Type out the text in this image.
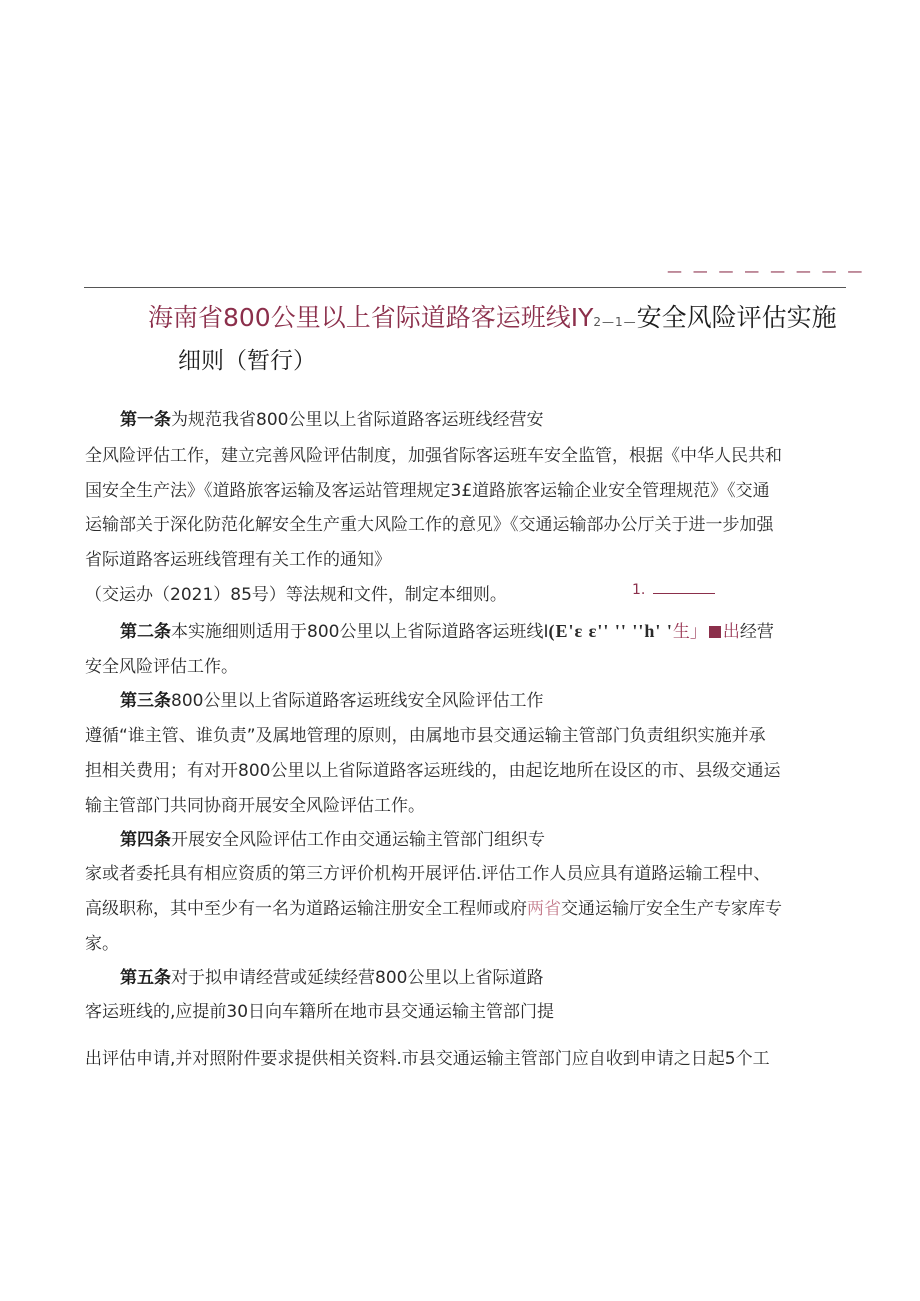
— — — — — — — —
海南省800公里以上省际道路客运班线IY2—1—安全风险评估实施
细则（暂行）
第一条为规范我省800公里以上省际道路客运班线经营安
全风险评估工作，建立完善风险评估制度，加强省际客运班车安全监管，根据《中华人民共和
国安全生产法》《道路旅客运输及客运站管理规定3£道路旅客运输企业安全管理规范》《交通
运输部关于深化防范化解安全生产重大风险工作的意见》《交通运输部办公厅关于进一步加强
省际道路客运班线管理有关工作的通知》
（交运办（2021）85号）等法规和文件，制定本细则。	1.
第二条本实施细则适用于800公里以上省际道路客运班线I(E'ɛ ɛ'' '' ''h' '生」 出经营
安全风险评估工作。
第三条800公里以上省际道路客运班线安全风险评估工作
遵循“谁主管、谁负责”及属地管理的原则，由属地市县交通运输主管部门负责组织实施并承
担相关费用；有对开800公里以上省际道路客运班线的，由起讫地所在设区的市、县级交通运
输主管部门共同协商开展安全风险评估工作。
第四条开展安全风险评估工作由交通运输主管部门组织专
家或者委托具有相应资质的第三方评价机构开展评估.评估工作人员应具有道路运输工程中、
高级职称，其中至少有一名为道路运输注册安全工程师或府两省交通运输厅安全生产专家库专
家。
第五条对于拟申请经营或延续经营800公里以上省际道路
客运班线的,应提前30日向车籍所在地市县交通运输主管部门提
出评估申请,并对照附件要求提供相关资料.市县交通运输主管部门应自收到申请之日起5个工
